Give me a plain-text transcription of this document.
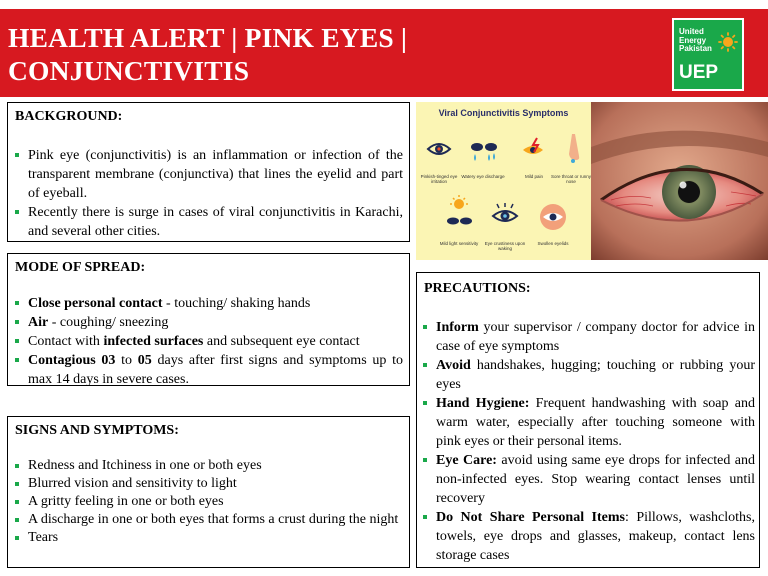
HEALTH ALERT | PINK EYES |
CONJUNCTIVITIS
United
Energy
Pakistan
UEP
BACKGROUND:
Pink eye (conjunctivitis) is an inflammation or infection of the transparent membrane (conjunctiva) that lines the eyelid and part of eyeball.
Recently there is surge in cases of viral conjunctivitis in Karachi, and several other cities.
MODE OF SPREAD:
Close personal contact - touching/ shaking hands
Air - coughing/ sneezing
Contact with infected surfaces and subsequent eye contact
Contagious 03 to 05 days after first signs and symptoms up to max 14 days in severe cases.
SIGNS AND SYMPTOMS:
Redness and Itchiness in one or both eyes
Blurred vision and sensitivity to light
A gritty feeling in one or both eyes
A discharge in one or both eyes that forms a crust during the night
Tears
Viral Conjunctivitis Symptoms
Pinkish-tinged eye irritation
Watery eye discharge	Mild pain	Sore throat or runny nose
Mild light sensitivity	Eye crustiness upon waking
Swollen eyelids
PRECAUTIONS:
Inform your supervisor / company doctor for advice in case of eye symptoms
Avoid handshakes, hugging; touching or rubbing your eyes
Hand Hygiene: Frequent handwashing with soap and warm water, especially after touching someone with pink eyes or their personal items.
Eye Care: avoid using same eye drops for infected and non-infected eyes. Stop wearing contact lenses until recovery
Do Not Share Personal Items: Pillows, washcloths, towels, eye drops and glasses, makeup, contact lens storage cases
